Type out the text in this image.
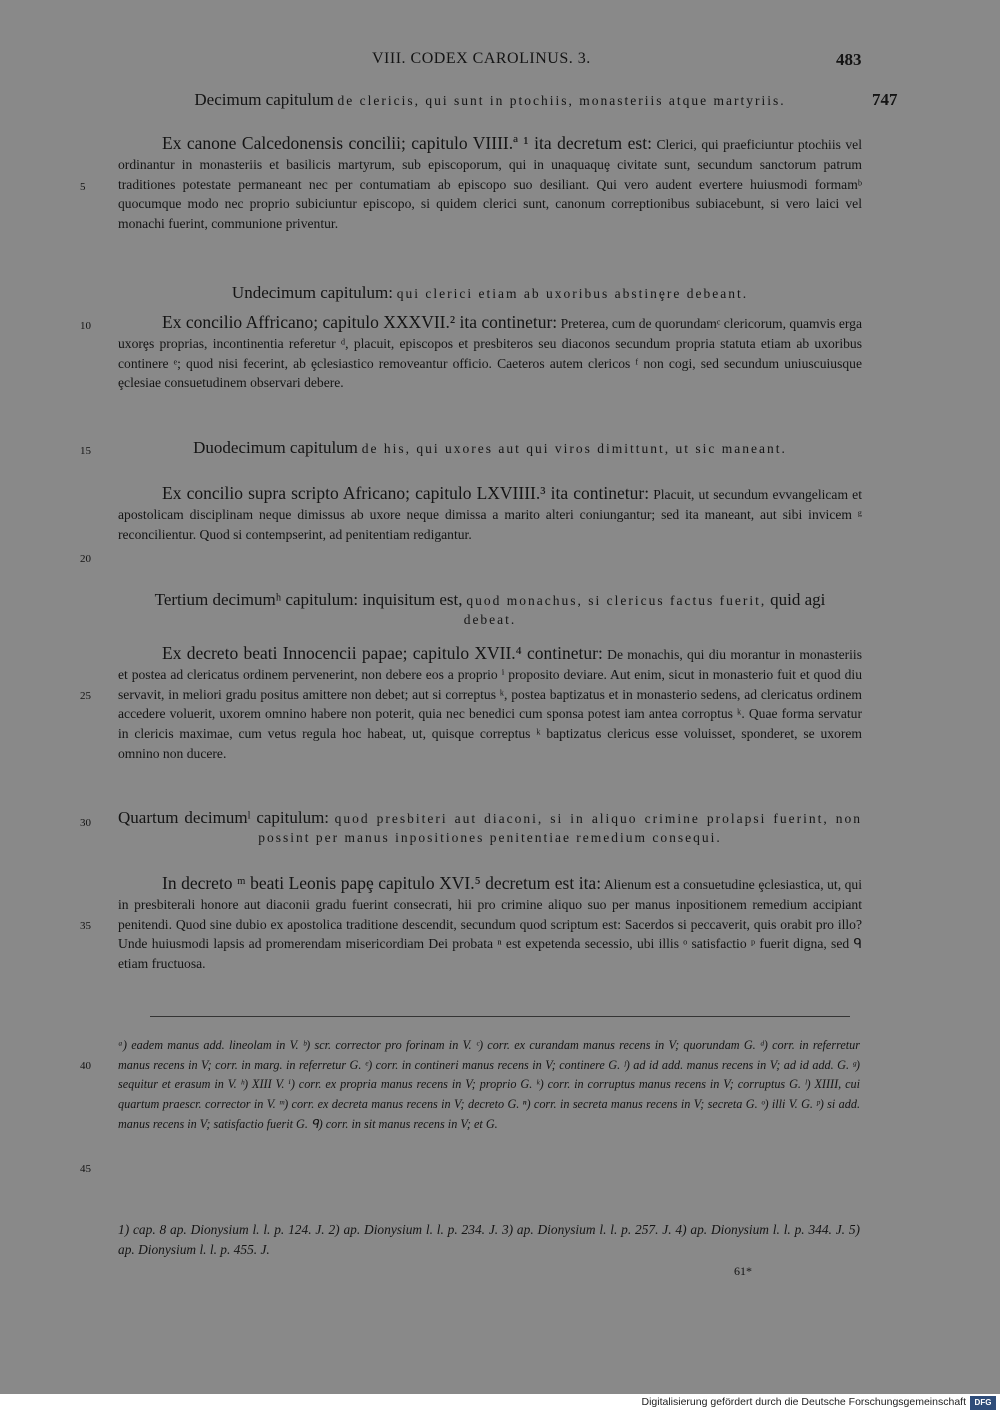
VIII. CODEX CAROLINUS. 3.	483
747
5
10
15
20
25
30
35
40
45
Decimum capitulum de clericis, qui sunt in ptochiis, monasteriis atque martyriis.
Ex canone Calcedonensis concilii; capitulo VIIII.ª ¹ ita decretum est: Clerici, qui praeficiuntur ptochiis vel ordinantur in monasteriis et basilicis martyrum, sub episcoporum, qui in unaquaquȩ civitate sunt, secundum sanctorum patrum traditiones potestate permaneant nec per contumatiam ab episcopo suo desiliant. Qui vero audent evertere huiusmodi formamᵇ quocumque modo nec proprio subiciuntur episcopo, si quidem clerici sunt, canonum correptionibus subiacebunt, si vero laici vel monachi fuerint, communione priventur.
Undecimum capitulum: qui clerici etiam ab uxoribus abstinȩre debeant.
Ex concilio Affricano; capitulo XXXVII.² ita continetur: Preterea, cum de quorundamᶜ clericorum, quamvis erga uxorȩs proprias, incontinentia referetur ᵈ, placuit, episcopos et presbiteros seu diaconos secundum propria statuta etiam ab uxoribus continere ᵉ; quod nisi fecerint, ab ȩclesiastico removeantur officio. Caeteros autem clericos ᶠ non cogi, sed secundum uniuscuiusque ȩclesiae consuetudinem observari debere.
Duodecimum capitulum de his, qui uxores aut qui viros dimittunt, ut sic maneant.
Ex concilio supra scripto Africano; capitulo LXVIIII.³ ita continetur: Placuit, ut secundum evvangelicam et apostolicam disciplinam neque dimissus ab uxore neque dimissa a marito alteri coniungantur; sed ita maneant, aut sibi invicem ᵍ reconcilientur. Quod si contempserint, ad penitentiam redigantur.
Tertium decimumʰ capitulum: inquisitum est, quod monachus, si clericus factus fuerit, quid agi debeat.
Ex decreto beati Innocencii papae; capitulo XVII.⁴ continetur: De monachis, qui diu morantur in monasteriis et postea ad clericatus ordinem pervenerint, non debere eos a proprio ⁱ proposito deviare. Aut enim, sicut in monasterio fuit et quod diu servavit, in meliori gradu positus amittere non debet; aut si correptus ᵏ, postea baptizatus et in monasterio sedens, ad clericatus ordinem accedere voluerit, uxorem omnino habere non poterit, quia nec benedici cum sponsa potest iam antea corroptus ᵏ. Quae forma servatur in clericis maximae, cum vetus regula hoc habeat, ut, quisque correptus ᵏ baptizatus clericus esse voluisset, sponderet, se uxorem omnino non ducere.
Quartum decimumˡ capitulum: quod presbiteri aut diaconi, si in aliquo crimine prolapsi fuerint, non possint per manus inpositiones penitentiae remedium consequi.
In decreto ᵐ beati Leonis papȩ capitulo XVI.⁵ decretum est ita: Alienum est a consuetudine ȩclesiastica, ut, qui in presbiterali honore aut diaconii gradu fuerint consecrati, hii pro crimine aliquo suo per manus inpositionem remedium accipiant penitendi. Quod sine dubio ex apostolica traditione descendit, secundum quod scriptum est: Sacerdos si peccaverit, quis orabit pro illo? Unde huiusmodi lapsis ad promerendam misericordiam Dei probata ⁿ est expetenda secessio, ubi illis ᵒ satisfactio ᵖ fuerit digna, sed ᑫ etiam fructuosa.
ᵃ) eadem manus add. lineolam in V. ᵇ) scr. corrector pro forinam in V. ᶜ) corr. ex curandam manus recens in V; quorundam G. ᵈ) corr. in referretur manus recens in V; corr. in marg. in referretur G. ᵉ) corr. in contineri manus recens in V; continere G. ᶠ) ad id add. manus recens in V; ad id add. G. ᵍ) sequitur et erasum in V. ʰ) XIII V. ⁱ) corr. ex propria manus recens in V; proprio G. ᵏ) corr. in corruptus manus recens in V; corruptus G. ˡ) XIIII, cui quartum praescr. corrector in V. ᵐ) corr. ex decreta manus recens in V; decreto G. ⁿ) corr. in secreta manus recens in V; secreta G. ᵒ) illi V. G. ᵖ) si add. manus recens in V; satisfactio fuerit G. ᑫ) corr. in sit manus recens in V; et G.
1) cap. 8 ap. Dionysium l. l. p. 124. J. 2) ap. Dionysium l. l. p. 234. J. 3) ap. Dionysium l. l. p. 257. J. 4) ap. Dionysium l. l. p. 344. J. 5) ap. Dionysium l. l. p. 455. J.
61*
Digitalisierung gefördert durch die Deutsche Forschungsgemeinschaft	DFG
